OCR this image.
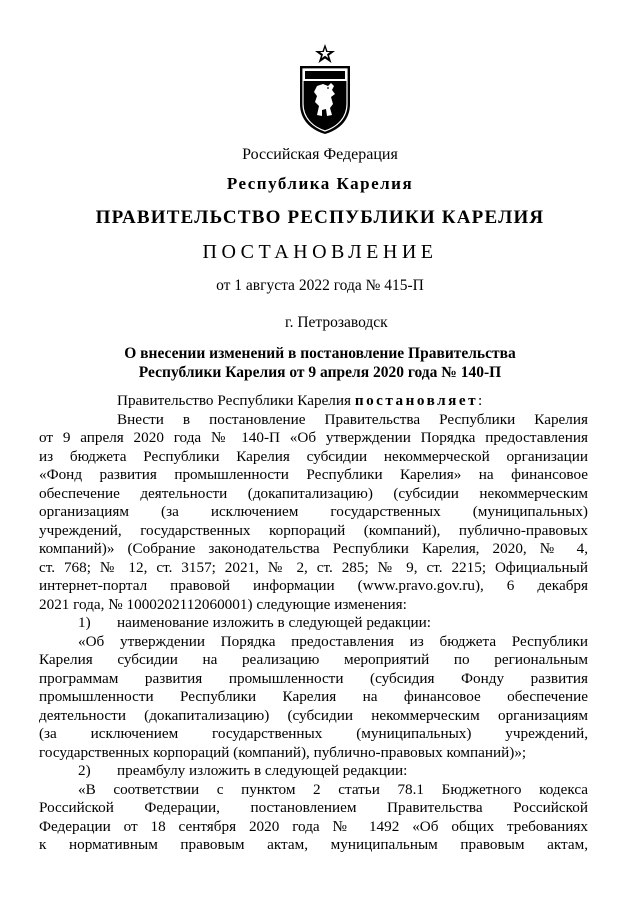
Российская Федерация
Республика Карелия
ПРАВИТЕЛЬСТВО РЕСПУБЛИКИ КАРЕЛИЯ
ПОСТАНОВЛЕНИЕ
от 1 августа 2022 года № 415-П
г. Петрозаводск
О внесении изменений в постановление Правительства
Республики Карелия от 9 апреля 2020 года № 140-П
Правительство Республики Карелия постановляет:
Внести в постановление Правительства Республики Карелия
от 9 апреля 2020 года № 140-П «Об утверждении Порядка предоставления
из бюджета Республики Карелия субсидии некоммерческой организации
«Фонд развития промышленности Республики Карелия» на финансовое
обеспечение деятельности (докапитализацию) (субсидии некоммерческим
организациям (за исключением государственных (муниципальных)
учреждений, государственных корпораций (компаний), публично-правовых
компаний)» (Собрание законодательства Республики Карелия, 2020, № 4,
ст. 768; № 12, ст. 3157; 2021, № 2, ст. 285; № 9, ст. 2215; Официальный
интернет-портал правовой информации (www.pravo.gov.ru), 6 декабря
2021 года, № 1000202112060001) следующие изменения:
1) наименование изложить в следующей редакции:
«Об утверждении Порядка предоставления из бюджета Республики
Карелия субсидии на реализацию мероприятий по региональным
программам развития промышленности (субсидия Фонду развития
промышленности Республики Карелия на финансовое обеспечение
деятельности (докапитализацию) (субсидии некоммерческим организациям
(за исключением государственных (муниципальных) учреждений,
государственных корпораций (компаний), публично-правовых компаний)»;
2) преамбулу изложить в следующей редакции:
«В соответствии с пунктом 2 статьи 78.1 Бюджетного кодекса
Российской Федерации, постановлением Правительства Российской
Федерации от 18 сентября 2020 года № 1492 «Об общих требованиях
к нормативным правовым актам, муниципальным правовым актам,
